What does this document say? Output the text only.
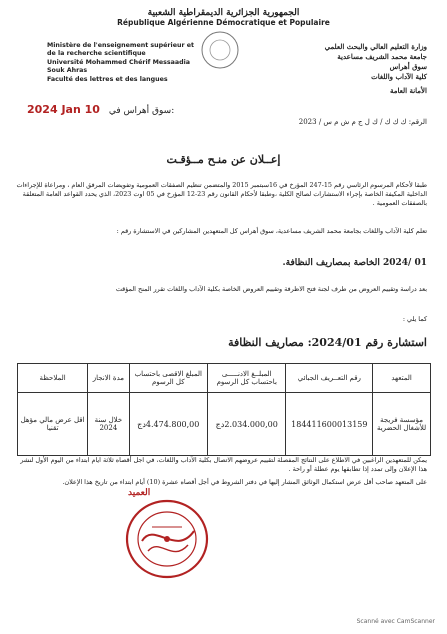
الجمهورية الجزائرية الديمقراطية الشعبية
République Algérienne Démocratique et Populaire
Ministère de l'enseignement supérieur et
de la recherche scientifique
Université Mohammed Chérif Messaadia
Souk Ahras
Faculté des lettres et des langues
وزارة التعليم العالي والبحث العلمي
جامعة محمد الشريف مساعدية
سوق أهراس
كلية الآداب واللغات
الأمانة العامة
2024 Jan 10 سوق أهراس في:
الرقم: ك ك ك / ك ل ج م ش م س / 2023
إعــلان عن منـح مــؤقـت
طبقا لأحكام المرسوم الرئاسي رقم 15-247 المؤرخ في 16سبتمبر 2015 والمتضمن تنظيم الصفقات العمومية وتفويضات المرفق العام ، ومراعاة للإجراءات الداخلية المكيفة الخاصة بإجراء الاستشارات لصالح الكلية ،وطبقا لأحكام القانون رقم 23-12 المؤرخ في 05 اوت 2023، الذي يحدد القواعد العامة المتعلقة بالصفقات العمومية .
تعلم كلية الآداب واللغات بجامعة محمد الشريف مساعدية، سوق أهراس كل المتعهدين المشاركين في الاستشارة رقم :
01 /2024 الخاصة بمصاريف النظافة.
بعد دراسة وتقييم العروض من طرف لجنة فتح الاظرفة وتقييم العروض الخاصة بكلية الآداب واللغات تقرر المنح المؤقت
كما يلي :
استشارة رقم 2024/01: مصاريف النظافة
المتعهد	رقم التعــريف الجبائي	المبلــغ الادنـــــى باحتساب كل الرسوم	المبلغ الاقصى باحتساب كل الرسوم	مدة الانجاز	الملاحظة
مؤسسة فريجة للأشغال الحضرية	184411600013159	2.034.000,00دج	4.474.800,00دج	خلال سنة 2024	اقل عرض مالي مؤهل تقنيا
يمكن للمتعهدين الراغبين في الاطلاع على النتائج المفصلة لتقييم عروضهم الاتصال بكلية الآداب واللغات، في اجل أقصاه ثلاثة ايام ابتداء من اليوم الأول لنشر هذا الإعلان وإلى تمدد إذا تطابقها يوم عطلة أو راحة .
على المتعهد صاحب أقل عرض استكمال الوثائق المشار إليها في دفتر الشروط في أجل أقصاه عشرة (10) أيام ابتداء من تاريخ هذا الإعلان.
العميد
Scanné avec CamScanner
